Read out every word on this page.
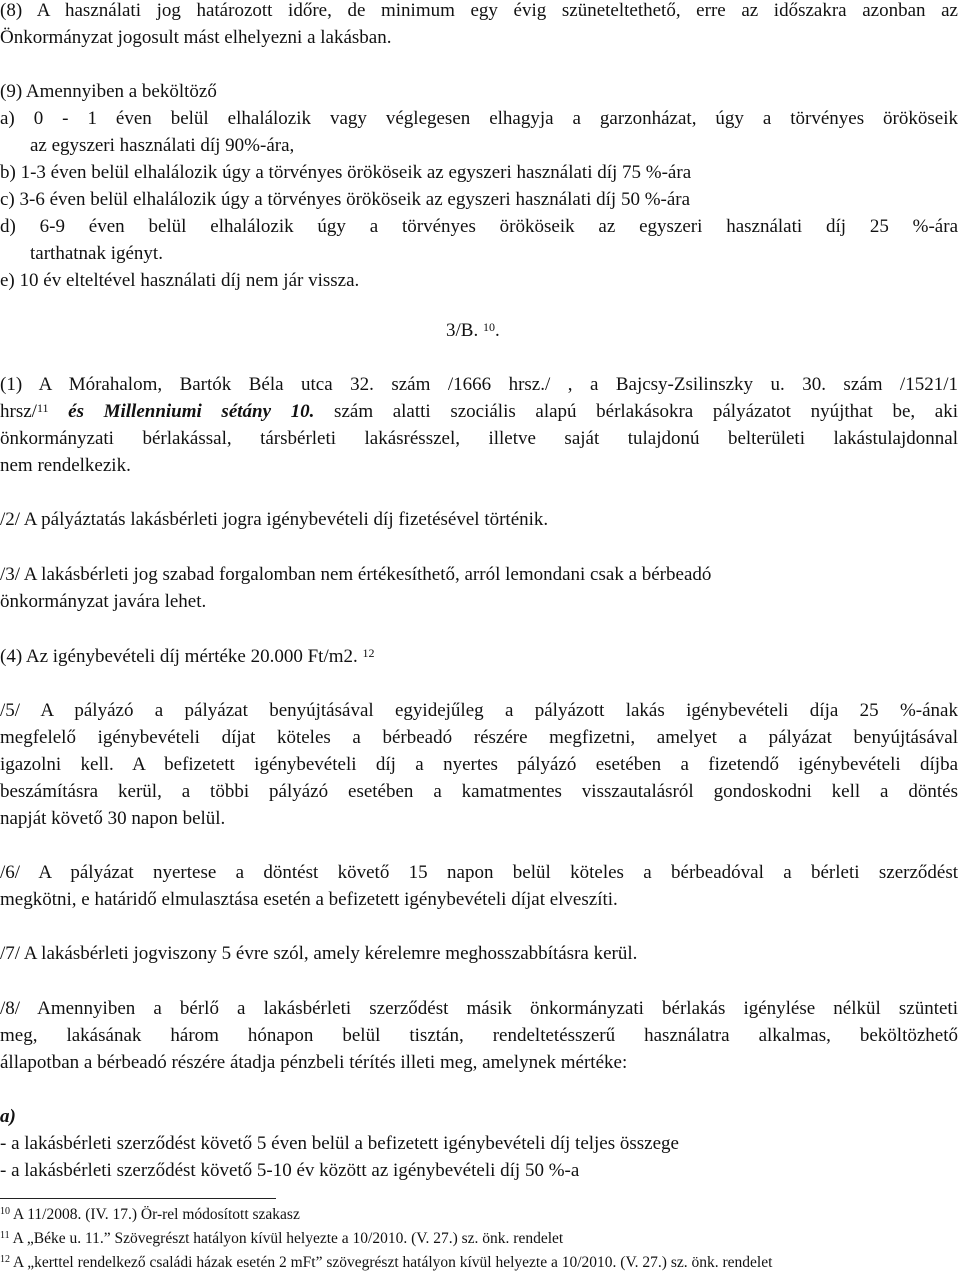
(8) A használati jog határozott időre, de minimum egy évig szüneteltethető, erre az időszakra azonban az
Önkormányzat jogosult mást elhelyezni a lakásban.
(9) Amennyiben a beköltöző
a) 0 - 1 éven belül elhalálozik vagy véglegesen elhagyja a garzonházat, úgy a törvényes örököseik
az egyszeri használati díj 90%-ára,
b) 1-3 éven belül elhalálozik úgy a törvényes örököseik az egyszeri használati díj 75 %-ára
c) 3-6 éven belül elhalálozik úgy a törvényes örököseik az egyszeri használati díj 50 %-ára
d) 6-9 éven belül elhalálozik úgy a törvényes örököseik az egyszeri használati díj 25 %-ára
tarthatnak igényt.
e) 10 év elteltével használati díj nem jár vissza.
3/B. $^{10}$.
(1) A Mórahalom, Bartók Béla utca 32. szám /1666 hrsz./ , a Bajcsy-Zsilinszky u. 30. szám /1521/1
hrsz/$^{11}$ és Millenniumi sétány 10. szám alatti szociális alapú bérlakásokra pályázatot nyújthat be, aki
önkormányzati bérlakással, társbérleti lakásrésszel, illetve saját tulajdonú belterületi lakástulajdonnal
nem rendelkezik.
/2/ A pályáztatás lakásbérleti jogra igénybevételi díj fizetésével történik.
/3/ A lakásbérleti jog szabad forgalomban nem értékesíthető, arról lemondani csak a bérbeadó
önkormányzat javára lehet.
(4) Az igénybevételi díj mértéke 20.000 Ft/m2. $^{12}$
/5/ A pályázó a pályázat benyújtásával egyidejűleg a pályázott lakás igénybevételi díja 25 %-ának
megfelelő igénybevételi díjat köteles a bérbeadó részére megfizetni, amelyet a pályázat benyújtásával
igazolni kell. A befizetett igénybevételi díj a nyertes pályázó esetében a fizetendő igénybevételi díjba
beszámításra kerül, a többi pályázó esetében a kamatmentes visszautalásról gondoskodni kell a döntés
napját követő 30 napon belül.
/6/ A pályázat nyertese a döntést követő 15 napon belül köteles a bérbeadóval a bérleti szerződést
megkötni, e határidő elmulasztása esetén a befizetett igénybevételi díjat elveszíti.
/7/ A lakásbérleti jogviszony 5 évre szól, amely kérelemre meghosszabbításra kerül.
/8/ Amennyiben a bérlő a lakásbérleti szerződést másik önkormányzati bérlakás igénylése nélkül szünteti
meg, lakásának három hónapon belül tisztán, rendeltetésszerű használatra alkalmas, beköltözhető
állapotban a bérbeadó részére átadja pénzbeli térítés illeti meg, amelynek mértéke:
a)
- a lakásbérleti szerződést követő 5 éven belül a befizetett igénybevételi díj teljes összege
- a lakásbérleti szerződést követő 5-10 év között az igénybevételi díj 50 %-a
$^{10}$ A 11/2008. (IV. 17.) Ör-rel módosított szakasz
$^{11}$ A „Béke u. 11.” Szövegrészt hatályon kívül helyezte a 10/2010. (V. 27.) sz. önk. rendelet
$^{12}$ A „kerttel rendelkező családi házak esetén 2 mFt” szövegrészt hatályon kívül helyezte a 10/2010. (V. 27.) sz. önk. rendelet
